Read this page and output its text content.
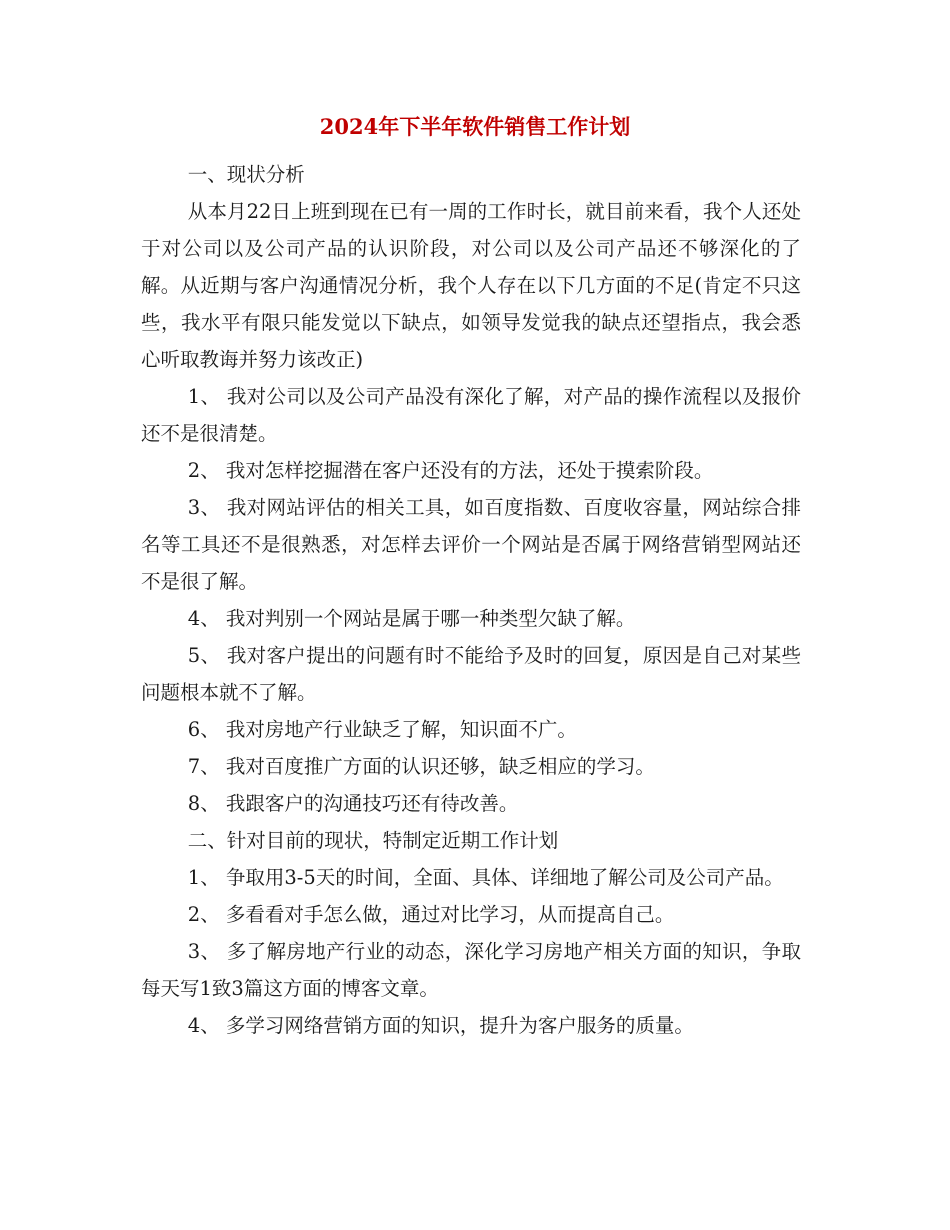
2024年下半年软件销售工作计划

一、现状分析

从本月22日上班到现在已有一周的工作时长，就目前来看，我个人还处于对公司以及公司产品的认识阶段，对公司以及公司产品还不够深化的了解。从近期与客户沟通情况分析，我个人存在以下几方面的不足(肯定不只这些，我水平有限只能发觉以下缺点，如领导发觉我的缺点还望指点，我会悉心听取教诲并努力该改正)

1、 我对公司以及公司产品没有深化了解，对产品的操作流程以及报价还不是很清楚。

2、 我对怎样挖掘潜在客户还没有的方法，还处于摸索阶段。

3、 我对网站评估的相关工具，如百度指数、百度收容量，网站综合排名等工具还不是很熟悉，对怎样去评价一个网站是否属于网络营销型网站还不是很了解。

4、 我对判别一个网站是属于哪一种类型欠缺了解。

5、 我对客户提出的问题有时不能给予及时的回复，原因是自己对某些问题根本就不了解。

6、 我对房地产行业缺乏了解，知识面不广。

7、 我对百度推广方面的认识还够，缺乏相应的学习。

8、 我跟客户的沟通技巧还有待改善。

二、针对目前的现状，特制定近期工作计划

1、 争取用3-5天的时间，全面、具体、详细地了解公司及公司产品。

2、 多看看对手怎么做，通过对比学习，从而提高自己。

3、 多了解房地产行业的动态，深化学习房地产相关方面的知识，争取每天写1致3篇这方面的博客文章。

4、 多学习网络营销方面的知识，提升为客户服务的质量。
